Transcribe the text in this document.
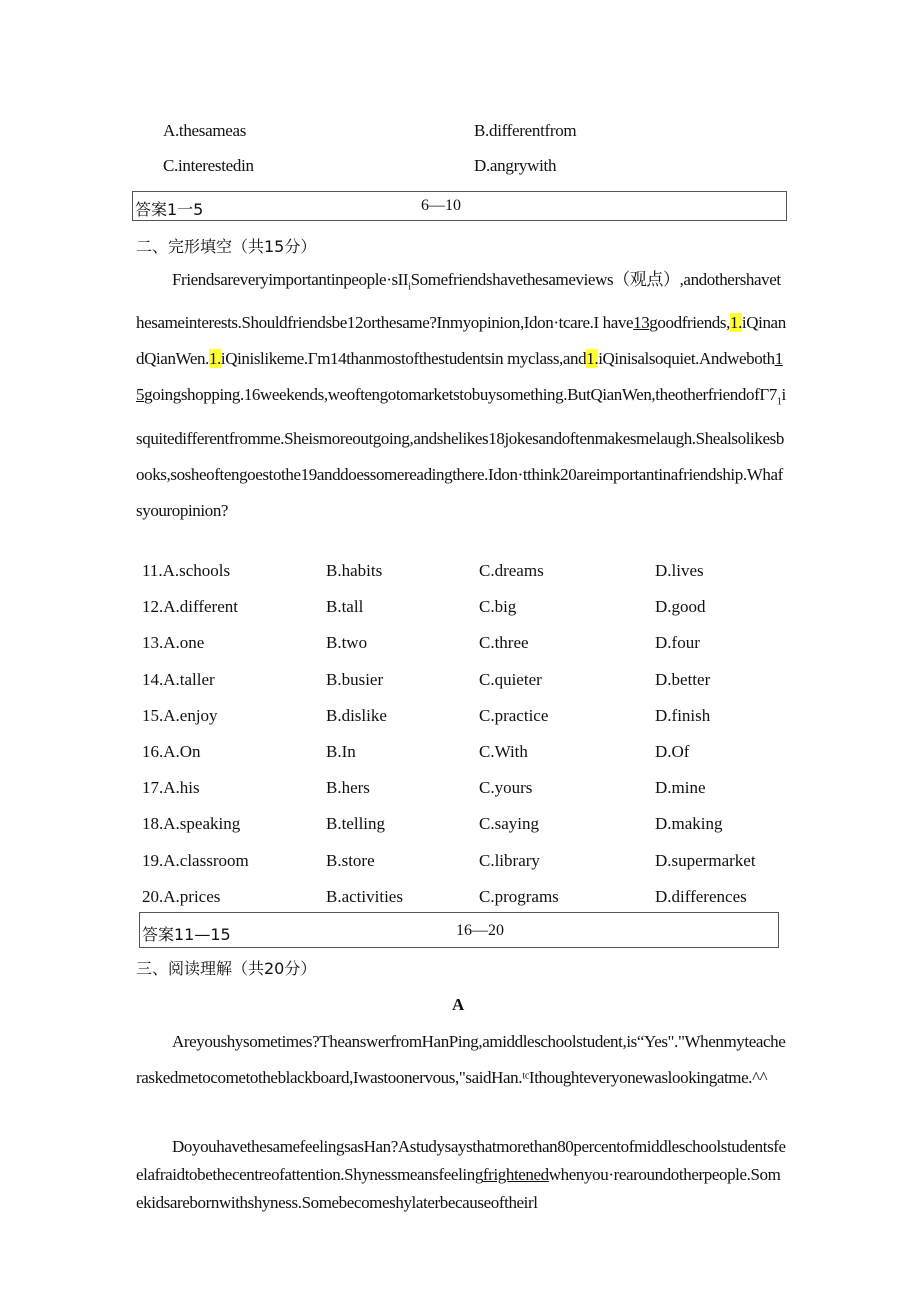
A.thesameas	B.differentfrom
C.interestedin	D.angrywith
答案1一5	6—10
二、完形填空（共15分）
Friendsareveryimportantinpeople·sII$_i$Somefriendshavethesameviews（观点）,andothershavethesameinterests.Shouldfriendsbe12orthesame?Inmyopinion,Idon·tcare.I have13goodfriends,1.iQinandQianWen.1.iQinislikeme.Γm14thanmostofthestudentsin myclass,and1.iQinisalsoquiet.Andweboth15goingshopping.16weekends,weoftengotomarketstobuysomething.ButQianWen,theotherfri$endof\Gamma 7_1isquitedifferentfromme.Sheismoreoutgoing,andshelikes18jokesandoftenmakesmelaugh.Shealsolikesbooks,sosheoftengoes$tothe19anddoessomereadingthere.Idon·tthink20areimportantinafriendship.Whafsyouropinion?
11.A.schools	B.habits	C.dreams	D.lives
12.A.different	B.tall	C.big	D.good
13.A.one	B.two	C.three	D.four
14.A.taller	B.busier	C.quieter	D.better
15.A.enjoy	B.dislike	C.practice	D.finish
16.A.On	B.In	C.With	D.Of
17.A.his	B.hers	C.yours	D.mine
18.A.speaking	B.telling	C.saying	D.making
19.A.classroom	B.store	C.library	D.supermarket
20.A.prices	B.activities	C.programs	D.differences
答案11—15	16—20
三、阅读理解（共20分）
A
Areyoushysometimes?TheanswerfromHanPing,amiddleschoolstudent,is“Yes"."Whenmyteacheraskedmetocometotheblackboard,Iwastoonervous,"saidHan.ᵗᶜIthoughteveryonewaslookingatme.^^
DoyouhavethesamefeelingsasHan?Astudysaysthatmorethan80percentofmiddleschoolstudentsfeelafraidtobethecentreofattention.Shynessmeansfeelingfrightenedwhenyou·rearoundotherpeople.Somekidsarebornwithshyness.Somebecomeshylaterbecauseoftheirl
